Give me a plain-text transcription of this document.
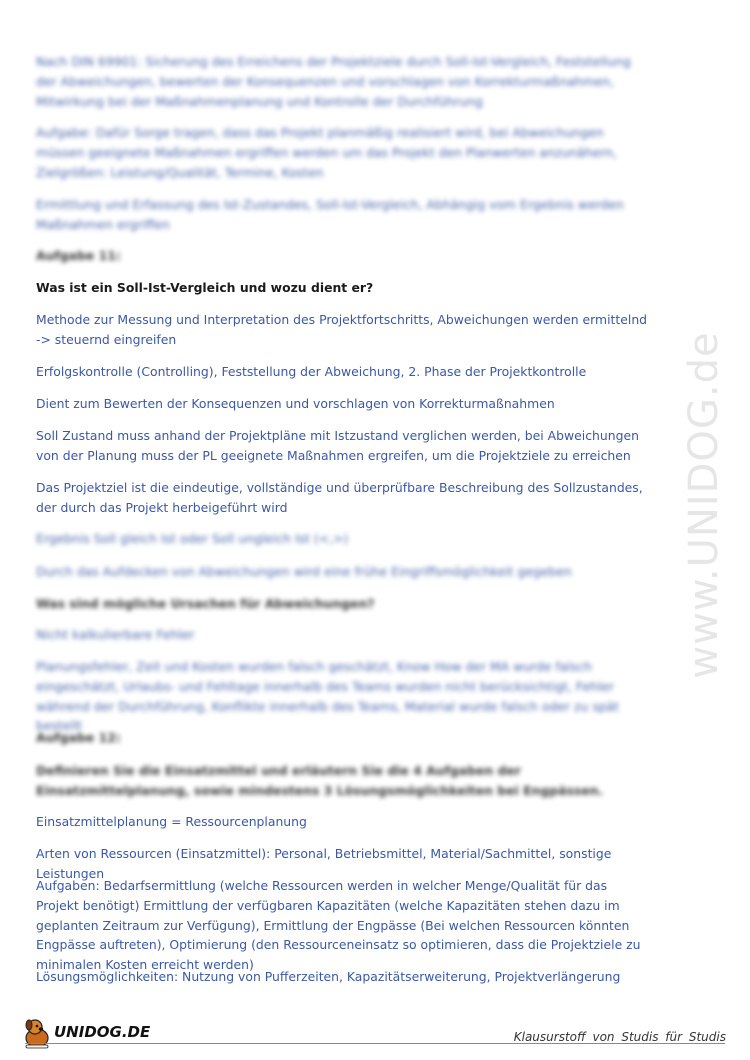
Nach DIN 69901: Sicherung des Erreichens der Projektziele durch Soll-Ist-Vergleich, Feststellung der Abweichungen, bewerten der Konsequenzen und vorschlagen von Korrekturmaßnahmen, Mitwirkung bei der Maßnahmenplanung und Kontrolle der Durchführung

Aufgabe: Dafür Sorge tragen, dass das Projekt planmäßig realisiert wird, bei Abweichungen müssen geeignete Maßnahmen ergriffen werden um das Projekt den Planwerten anzunähern, Zielgrößen: Leistung/Qualität, Termine, Kosten

Ermittlung und Erfassung des Ist-Zustandes, Soll-Ist-Vergleich, Abhängig vom Ergebnis werden Maßnahmen ergriffen

Aufgabe 11:

Was ist ein Soll-Ist-Vergleich und wozu dient er?

Methode zur Messung und Interpretation des Projektfortschritts, Abweichungen werden ermittelnd -> steuernd eingreifen

Erfolgskontrolle (Controlling), Feststellung der Abweichung, 2. Phase der Projektkontrolle

Dient zum Bewerten der Konsequenzen und vorschlagen von Korrekturmaßnahmen

Soll Zustand muss anhand der Projektpläne mit Istzustand verglichen werden, bei Abweichungen von der Planung muss der PL geeignete Maßnahmen ergreifen, um die Projektziele zu erreichen

Das Projektziel ist die eindeutige, vollständige und überprüfbare Beschreibung des Sollzustandes, der durch das Projekt herbeigeführt wird

Ergebnis Soll gleich Ist oder Soll ungleich Ist (<,>)

Durch das Aufdecken von Abweichungen wird eine frühe Eingriffsmöglichkeit gegeben

Was sind mögliche Ursachen für Abweichungen?

Nicht kalkulierbare Fehler

Planungsfehler, Zeit und Kosten wurden falsch geschätzt, Know How der MA wurde falsch eingeschätzt, Urlaubs- und Fehltage innerhalb des Teams wurden nicht berücksichtigt, Fehler während der Durchführung, Konflikte innerhalb des Teams, Material wurde falsch oder zu spät bestellt

Aufgabe 12:

Definieren Sie die Einsatzmittel und erläutern Sie die 4 Aufgaben der Einsatzmittelplanung, sowie mindestens 3 Lösungsmöglichkeiten bei Engpässen.

Einsatzmittelplanung = Ressourcenplanung

Arten von Ressourcen (Einsatzmittel): Personal, Betriebsmittel, Material/Sachmittel, sonstige Leistungen

Aufgaben: Bedarfsermittlung (welche Ressourcen werden in welcher Menge/Qualität für das Projekt benötigt) Ermittlung der verfügbaren Kapazitäten (welche Kapazitäten stehen dazu im geplanten Zeitraum zur Verfügung), Ermittlung der Engpässe (Bei welchen Ressourcen könnten Engpässe auftreten), Optimierung (den Ressourceneinsatz so optimieren, dass die Projektziele zu minimalen Kosten erreicht werden)

Lösungsmöglichkeiten: Nutzung von Pufferzeiten, Kapazitätserweiterung, Projektverlängerung

www.UNIDOG.de
UNIDOG.DE	Klausurstoff von Studis für Studis
